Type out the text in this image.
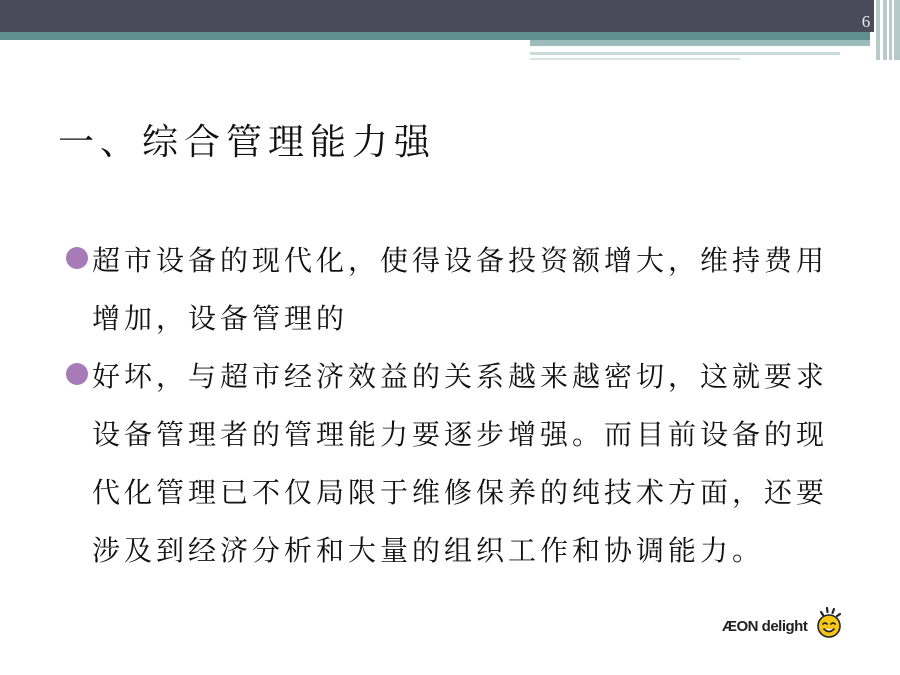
6
一、综合管理能力强
超市设备的现代化，使得设备投资额增大，维持费用增加，设备管理的
好坏，与超市经济效益的关系越来越密切，这就要求设备管理者的管理能力要逐步增强。而目前设备的现代化管理已不仅局限于维修保养的纯技术方面，还要涉及到经济分析和大量的组织工作和协调能力。
ÆON delight
